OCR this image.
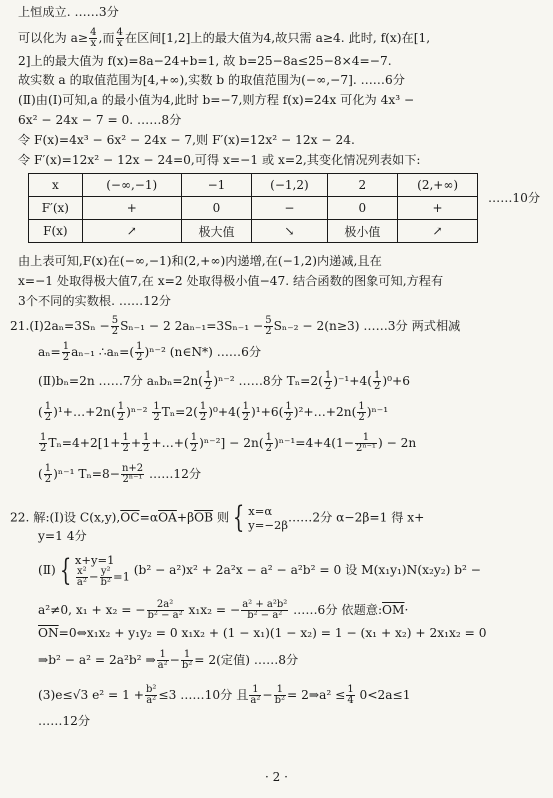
上恒成立. ……3分
可以化为 $a\ge \frac{4}{x}$ ,而 $\frac{4}{x}$ 在区间[1,2]上的最大值为4,故只需 a≥4. 此时, f(x)在[1,
2]上的最大值为 f(x)=8a−24+b=1, 故 b=25−8a≤25−8×4=−7.
故实数 a 的取值范围为[4,+∞),实数 b 的取值范围为(−∞,−7]. ……6分
(Ⅱ)由(Ⅰ)可知,a 的最小值为4,此时 b=−7,则方程 f(x)=24x 可化为 4x³ −
6x² − 24x − 7 = 0. ……8分
令 F(x)=4x³ − 6x² − 24x − 7,则 F′(x)=12x² − 12x − 24.
令 F′(x)=12x² − 12x − 24=0,可得 x=−1 或 x=2,其变化情况列表如下:
x	(−∞,−1)	−1	(−1,2)	2	(2,+∞)
F′(x)	+	0	−	0	+
F(x)	↗	极大值	↘	极小值	↗
……10分
由上表可知,F(x)在(−∞,−1)和(2,+∞)内递增,在(−1,2)内递减,且在
x=−1 处取得极大值7,在 x=2 处取得极小值−47. 结合函数的图象可知,方程有
3个不同的实数根. ……12分
21.(Ⅰ)2aₙ=3Sₙ − $\frac{5}{2} S_{n-1} - 2$ $2a_{n-1}=3S_{n-1} - \frac{5}{2} S_{n-2} - 2(n\ge 3)$ ……3分 两式相减
$a_n= \frac{1}{2} a_{n-1}$ ∴aₙ=( $\frac{1}{2} )^{n-2}$ (n∈N*) ……6分
(Ⅱ)bₙ=2n ……7分 $a_nb_n=2n( \frac{1}{2} )^{n-2}$ ……8分 $T_n=2( \frac{1}{2} )^{-1}+4( \frac{1}{2} )^0+6$
( $\frac{1}{2}$ )¹+…+2n( $\frac{1}{2} )^{n-2} \frac{1}{2} T_n=2( \frac{1}{2} )^0+4( \frac{1}{2} )^1+6( \frac{1}{2}$ )²+…+2n( $\frac{1}{2} )^{n-1}$
$\frac{1}{2} T_n=4+2[1+ \frac{1}{2} + \frac{1}{2}$ +…+( $\frac{1}{2} )^{n-2}] - 2n( \frac{1}{2} )^{n-1}=4+4(1- \frac{1}{\text{2ⁿ⁻¹}}$ ) − 2n
( $\frac{1}{2} )^{n-1}$ $T_n=8- \frac{n+2}{\text{2ⁿ⁻¹}}$ ……12分
22. 解:(Ⅰ)设 $C(x,y),\overline{OC}=\alpha\overline{OA}+\beta\overline{OB}$ 则 { x=α
y=−2β……2分 α−2β=1 得 x+
y=1 4分
(Ⅱ) { x+y=1

$\frac{\text{x²}}{\text{a²}} - \frac{\text{y²}}{\text{b²}} =1$ (b² − a²)x² + 2a²x − a² − a²b² = 0 设 M(x₁y₁)N(x₂y₂) b² −
a²≠0, x₁ + x₂ = − $\frac{\text{2a²}}{\text{b² − a²}} x_1x_2$ = − $\frac{\text{a² + a²b²}}{\text{b² − a²}}$ ……6分 依题意$:\overline{OM}\cdot$
$\overline{ON}=0\Leftrightarrow x_1x_2 + y_1y_2 = 0$ x₁x₂ + (1 − x₁)(1 − x₂) = 1 − (x₁ + x₂) + 2x₁x₂ = 0
⇒b² − a² = 2a²b² ⇒ $\frac{1}{\text{a²}} - \frac{1}{\text{b²}} = 2$(定值) ……8分
(3)e≤√3 $e^2 = 1 + \frac{\text{b²}}{\text{a²}} \le 3$ ……10分 且 $\frac{1}{\text{a²}} - \frac{1}{\text{b²}}$ = 2⇒a² ≤ $\frac{1}{4} 0<2a\le 1$
……12分
· 2 ·
